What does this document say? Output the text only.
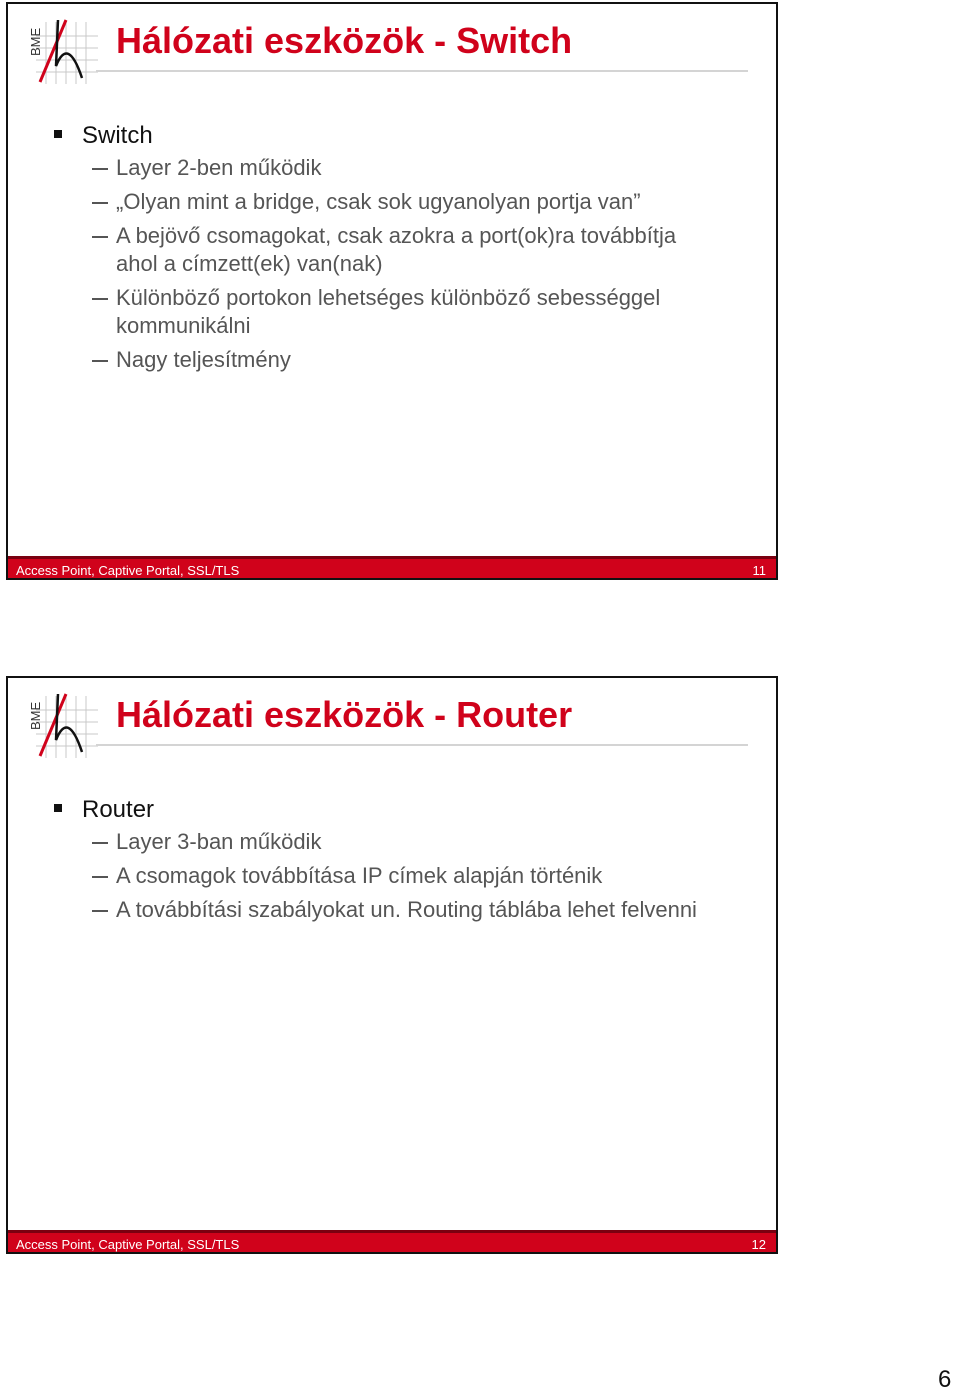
BME Hálózati eszközök - Switch
Switch
Layer 2-ben működik
„Olyan mint a bridge, csak sok ugyanolyan portja van”
A bejövő csomagokat, csak azokra a port(ok)ra továbbítja ahol a címzett(ek) van(nak)
Különböző portokon lehetséges különböző sebességgel kommunikálni
Nagy teljesítmény
Access Point, Captive Portal, SSL/TLS	11
BME Hálózati eszközök - Router
Router
Layer 3-ban működik
A csomagok továbbítása IP címek alapján történik
A továbbítási szabályokat un. Routing táblába lehet felvenni
Access Point, Captive Portal, SSL/TLS	12
6
